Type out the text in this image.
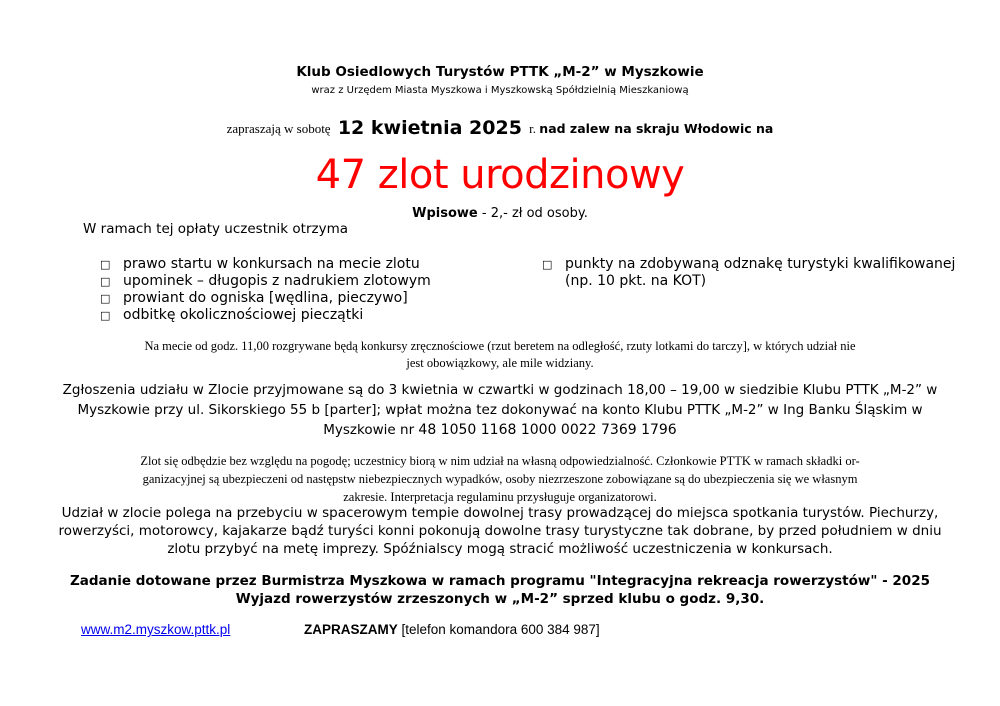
Klub Osiedlowych Turystów PTTK „M-2” w Myszkowie
wraz z Urzędem Miasta Myszkowa i Myszkowską Spółdzielnią Mieszkaniową
zapraszają w sobotę 12 kwietnia 2025 r. nad zalew na skraju Włodowic na
47 zlot urodzinowy
Wpisowe - 2,- zł od osoby.
W ramach tej opłaty uczestnik otrzyma
□ prawo startu w konkursach na mecie zlotu
□ upominek – długopis z nadrukiem zlotowym
□ prowiant do ogniska [wędlina, pieczywo]
□ odbitkę okolicznościowej pieczątki
□ punkty na zdobywaną odznakę turystyki kwalifikowanej
(np. 10 pkt. na KOT)
Na mecie od godz. 11,00 rozgrywane będą konkursy zręcznościowe (rzut beretem na odległość, rzuty lotkami do tarczy], w których udział nie
jest obowiązkowy, ale mile widziany.
Zgłoszenia udziału w Zlocie przyjmowane są do 3 kwietnia w czwartki w godzinach 18,00 – 19,00 w siedzibie Klubu PTTK „M-2” w
Myszkowie przy ul. Sikorskiego 55 b [parter]; wpłat można tez dokonywać na konto Klubu PTTK „M-2” w Ing Banku Śląskim w
Myszkowie nr 48 1050 1168 1000 0022 7369 1796
Zlot się odbędzie bez względu na pogodę; uczestnicy biorą w nim udział na własną odpowiedzialność. Członkowie PTTK w ramach składki or-
ganizacyjnej są ubezpieczeni od następstw niebezpiecznych wypadków, osoby niezrzeszone zobowiązane są do ubezpieczenia się we własnym
zakresie. Interpretacja regulaminu przysługuje organizatorowi.
Udział w zlocie polega na przebyciu w spacerowym tempie dowolnej trasy prowadzącej do miejsca spotkania turystów. Piechurzy,
rowerzyści, motorowcy, kajakarze bądź turyści konni pokonują dowolne trasy turystyczne tak dobrane, by przed południem w dniu
zlotu przybyć na metę imprezy. Spóźnialscy mogą stracić możliwość uczestniczenia w konkursach.
Zadanie dotowane przez Burmistrza Myszkowa w ramach programu "Integracyjna rekreacja rowerzystów" - 2025
Wyjazd rowerzystów zrzeszonych w „M-2” sprzed klubu o godz. 9,30.
www.m2.myszkow.pttk.pl	ZAPRASZAMY [telefon komandora 600 384 987]
